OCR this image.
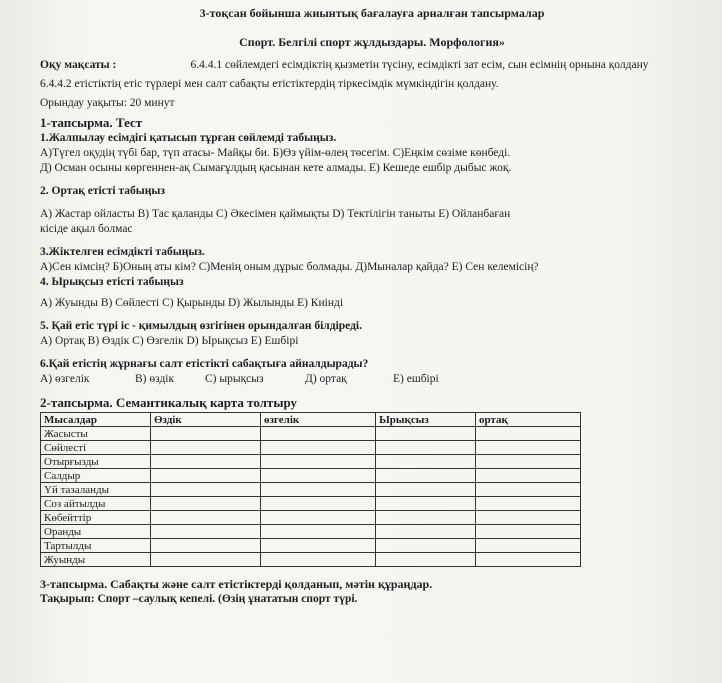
3-тоқсан бойынша жиынтық бағалауға арналған тапсырмалар
Спорт. Белгілі спорт жұлдыздары. Морфология»
Оқу мақсаты :	6.4.4.1 сөйлемдегі есімдіктің қызметін түсіну, есімдікті зат есім, сын есімнің орнына қолдану
6.4.4.2 етістіктің етіс түрлері мен салт сабақты етістіктердің тіркесімдік мүмкіндігін қолдану.
Орындау уақыты: 20 минут
1-тапсырма. Тест
1.Жалпылау есімдігі қатысып тұрған сөйлемді табыңыз.
А)Түгел оқудің түбі бар, түп атасы- Майқы би. Б)Өз үйім-өлең төсегім. С)Еңкім сөзіме көнбеді.
Д) Осман осыны көргеннен-ақ Сымағұлдың қасынан кете алмады. Е) Кешеде ешбір дыбыс жоқ.
2. Ортақ етісті табыңыз
А) Жастар ойласты В) Тас қаланды С) Әкесімен қаймықты D) Тектілігін таныты Е) Ойланбаған
кісіде ақыл болмас
3.Жіктелген есімдікті табыңыз.
А)Сен кімсің? Б)Оның аты кім? С)Менің оным дұрыс болмады. Д)Мыналар қайда? Е) Сен келемісің?
4. Ырықсыз етісті табыңыз
А) Жуынды В) Сөйлесті С) Қырынды D) Жылынды Е) Киінді
5. Қай етіс түрі іс - қимылдың өзгігінен орындалған білдіреді.
А) Ортақ В) Өздік С) Өзгелік D) Ырықсыз Е) Ешбірі
6.Қай етістің жұрнағы салт етістікті сабақтыға айналдырады?
А) өзгелік	В) өздік	С) ырықсыз	Д) ортақ	Е) ешбірі
2-тапсырма. Семантикалық карта толтыру
Мысалдар	Өздік	өзгелік	Ырықсыз	ортақ
Жасысты				
Сөйлесті				
Отырғызды				
Салдыр				
Үй тазаланды				
Соз айтылды				
Көбейттір				
Оранды				
Тартылды				
Жуынды				
3-тапсырма. Сабақты және салт етістіктерді қолданып, мәтін құраңдар.
Тақырып: Спорт –саулық кепелі. (Өзің ұнататын спорт түрі.
